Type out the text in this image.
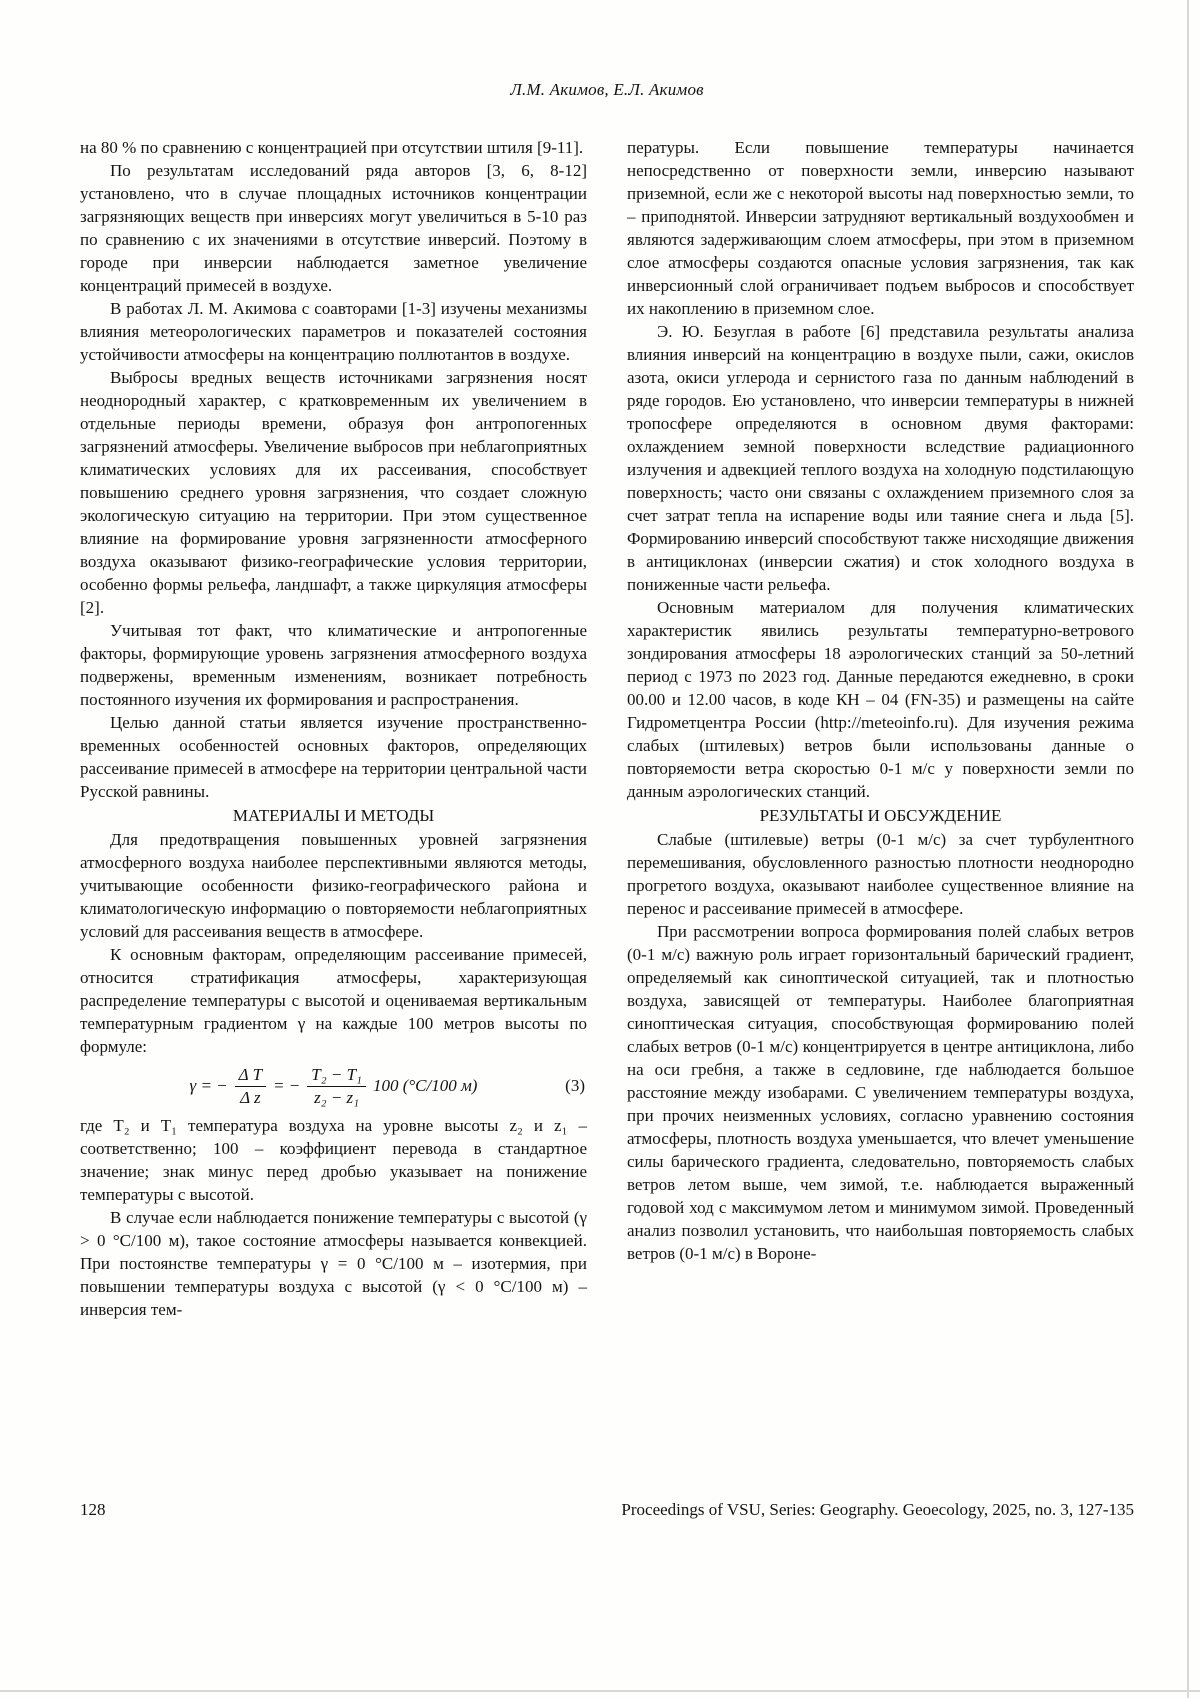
Л.М. Акимов, Е.Л. Акимов

на 80 % по сравнению с концентрацией при отсутствии штиля [9-11].

По результатам исследований ряда авторов [3, 6, 8-12] установлено, что в случае площадных источников концентрации загрязняющих веществ при инверсиях могут увеличиться в 5-10 раз по сравнению с их значениями в отсутствие инверсий. Поэтому в городе при инверсии наблюдается заметное увеличение концентраций примесей в воздухе.

В работах Л. М. Акимова с соавторами [1-3] изучены механизмы влияния метеорологических параметров и показателей состояния устойчивости атмосферы на концентрацию поллютантов в воздухе.

Выбросы вредных веществ источниками загрязнения носят неоднородный характер, с кратковременным их увеличением в отдельные периоды времени, образуя фон антропогенных загрязнений атмосферы. Увеличение выбросов при неблагоприятных климатических условиях для их рассеивания, способствует повышению среднего уровня загрязнения, что создает сложную экологическую ситуацию на территории. При этом существенное влияние на формирование уровня загрязненности атмосферного воздуха оказывают физико-географические условия территории, особенно формы рельефа, ландшафт, а также циркуляция атмосферы [2].

Учитывая тот факт, что климатические и антропогенные факторы, формирующие уровень загрязнения атмосферного воздуха подвержены, временным изменениям, возникает потребность постоянного изучения их формирования и распространения.

Целью данной статьи является изучение пространственно-временных особенностей основных факторов, определяющих рассеивание примесей в атмосфере на территории центральной части Русской равнины.

МАТЕРИАЛЫ И МЕТОДЫ

Для предотвращения повышенных уровней загрязнения атмосферного воздуха наиболее перспективными являются методы, учитывающие особенности физико-географического района и климатологическую информацию о повторяемости неблагоприятных условий для рассеивания веществ в атмосфере.

К основным факторам, определяющим рассеивание примесей, относится стратификация атмосферы, характеризующая распределение температуры с высотой и оцениваемая вертикальным температурным градиентом γ на каждые 100 метров высоты по формуле:

γ = − $\frac{\text{Δ T}}{\text{Δ z}}$ = − $\frac{\text{T₂ − T₁}}{\text{z₂ − z₁}} 100$ (°C/100 м)	(3)

где T₂ и T₁ температура воздуха на уровне высоты z₂ и z₁ – соответственно; 100 – коэффициент перевода в стандартное значение; знак минус перед дробью указывает на понижение температуры с высотой.

В случае если наблюдается понижение температуры с высотой (γ > 0 °C/100 м), такое состояние атмосферы называется конвекцией. При постоянстве температуры γ = 0 °C/100 м – изотермия, при повышении температуры воздуха с высотой (γ < 0 °C/100 м) – инверсия тем-

пературы. Если повышение температуры начинается непосредственно от поверхности земли, инверсию называют приземной, если же с некоторой высоты над поверхностью земли, то – приподнятой. Инверсии затрудняют вертикальный воздухообмен и являются задерживающим слоем атмосферы, при этом в приземном слое атмосферы создаются опасные условия загрязнения, так как инверсионный слой ограничивает подъем выбросов и способствует их накоплению в приземном слое.

Э. Ю. Безуглая в работе [6] представила результаты анализа влияния инверсий на концентрацию в воздухе пыли, сажи, окислов азота, окиси углерода и сернистого газа по данным наблюдений в ряде городов. Ею установлено, что инверсии температуры в нижней тропосфере определяются в основном двумя факторами: охлаждением земной поверхности вследствие радиационного излучения и адвекцией теплого воздуха на холодную подстилающую поверхность; часто они связаны с охлаждением приземного слоя за счет затрат тепла на испарение воды или таяние снега и льда [5]. Формированию инверсий способствуют также нисходящие движения в антициклонах (инверсии сжатия) и сток холодного воздуха в пониженные части рельефа.

Основным материалом для получения климатических характеристик явились результаты температурно-ветрового зондирования атмосферы 18 аэрологических станций за 50-летний период с 1973 по 2023 год. Данные передаются ежедневно, в сроки 00.00 и 12.00 часов, в коде КН – 04 (FN-35) и размещены на сайте Гидрометцентра России (http://meteoinfo.ru). Для изучения режима слабых (штилевых) ветров были использованы данные о повторяемости ветра скоростью 0-1 м/с у поверхности земли по данным аэрологических станций.

РЕЗУЛЬТАТЫ И ОБСУЖДЕНИЕ

Слабые (штилевые) ветры (0-1 м/с) за счет турбулентного перемешивания, обусловленного разностью плотности неоднородно прогретого воздуха, оказывают наиболее существенное влияние на перенос и рассеивание примесей в атмосфере.

При рассмотрении вопроса формирования полей слабых ветров (0-1 м/с) важную роль играет горизонтальный барический градиент, определяемый как синоптической ситуацией, так и плотностью воздуха, зависящей от температуры. Наиболее благоприятная синоптическая ситуация, способствующая формированию полей слабых ветров (0-1 м/с) концентрируется в центре антициклона, либо на оси гребня, а также в седловине, где наблюдается большое расстояние между изобарами. С увеличением температуры воздуха, при прочих неизменных условиях, согласно уравнению состояния атмосферы, плотность воздуха уменьшается, что влечет уменьшение силы барического градиента, следовательно, повторяемость слабых ветров летом выше, чем зимой, т.е. наблюдается выраженный годовой ход с максимумом летом и минимумом зимой. Проведенный анализ позволил установить, что наибольшая повторяемость слабых ветров (0-1 м/с) в Вороне-

128	Proceedings of VSU, Series: Geography. Geoecology, 2025, no. 3, 127-135
